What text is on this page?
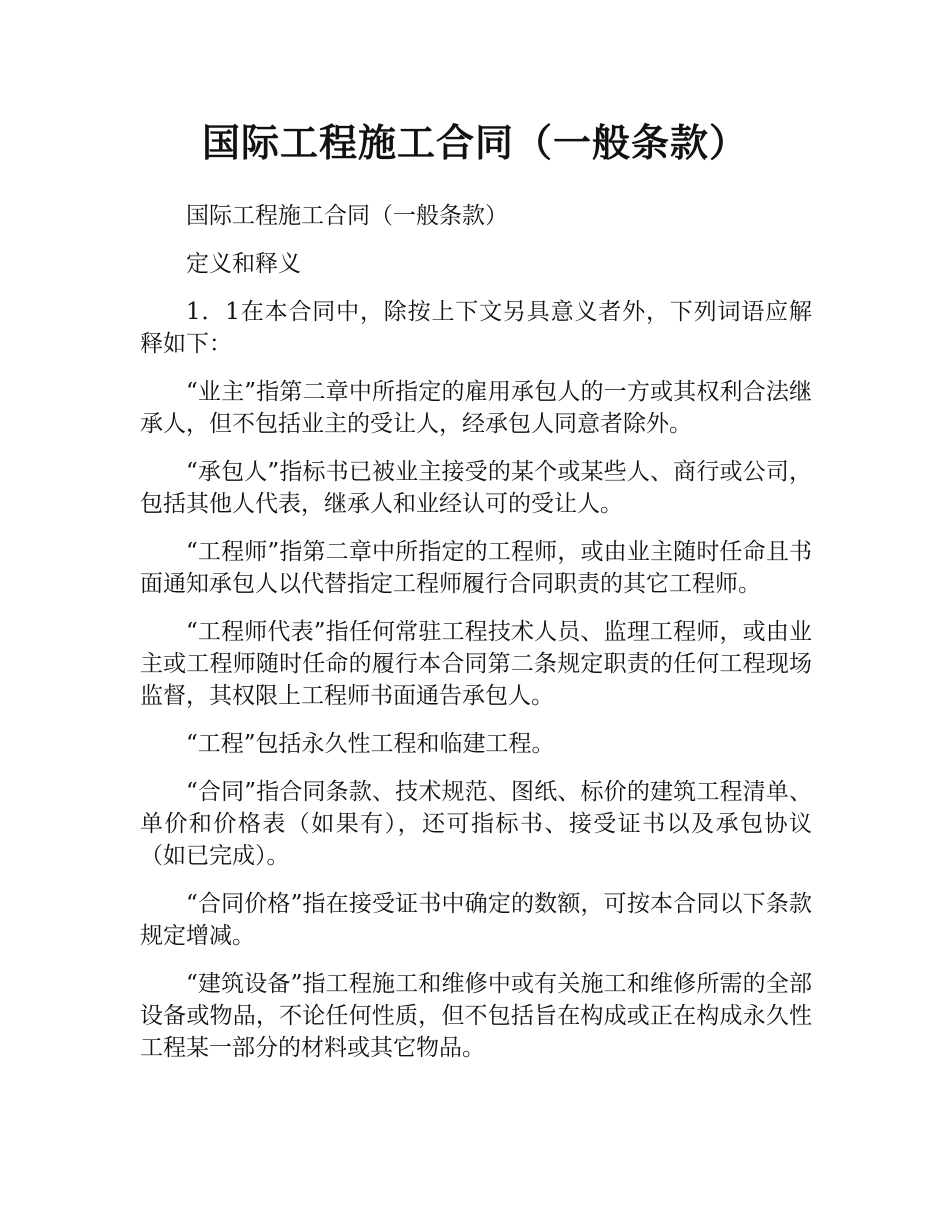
国际工程施工合同（一般条款）

国际工程施工合同（一般条款）

定义和释义

1．1在本合同中，除按上下文另具意义者外，下列词语应解释如下：

“业主”指第二章中所指定的雇用承包人的一方或其权利合法继承人，但不包括业主的受让人，经承包人同意者除外。

“承包人”指标书已被业主接受的某个或某些人、商行或公司，包括其他人代表，继承人和业经认可的受让人。

“工程师”指第二章中所指定的工程师，或由业主随时任命且书面通知承包人以代替指定工程师履行合同职责的其它工程师。

“工程师代表”指任何常驻工程技术人员、监理工程师，或由业主或工程师随时任命的履行本合同第二条规定职责的任何工程现场监督，其权限上工程师书面通告承包人。

“工程”包括永久性工程和临建工程。

“合同”指合同条款、技术规范、图纸、标价的建筑工程清单、单价和价格表（如果有），还可指标书、接受证书以及承包协议（如已完成）。

“合同价格”指在接受证书中确定的数额，可按本合同以下条款规定增减。

“建筑设备”指工程施工和维修中或有关施工和维修所需的全部设备或物品，不论任何性质，但不包括旨在构成或正在构成永久性工程某一部分的材料或其它物品。
